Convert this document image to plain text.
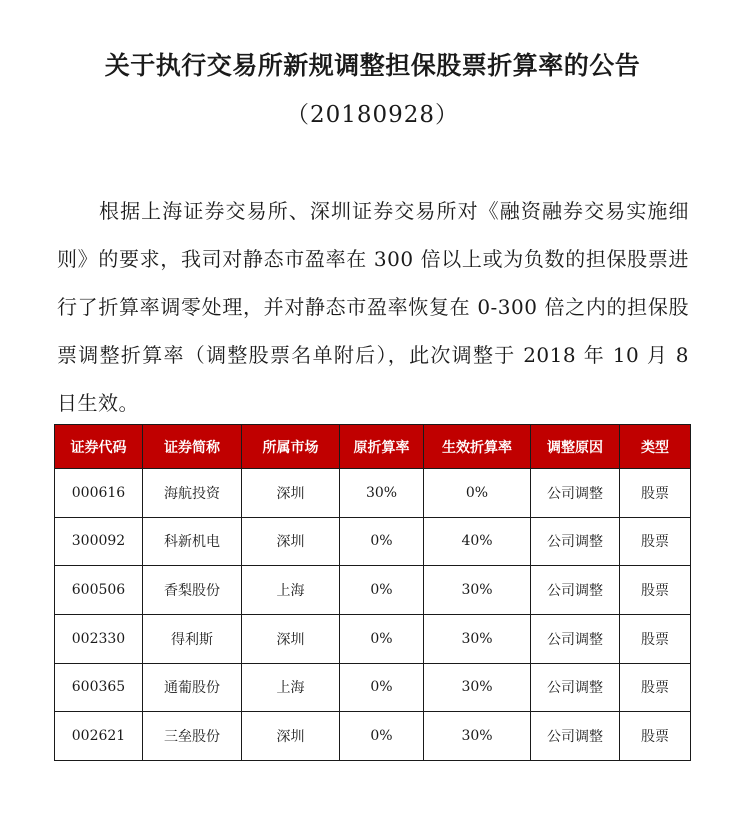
关于执行交易所新规调整担保股票折算率的公告
（20180928）
根据上海证券交易所、深圳证券交易所对《融资融券交易实施细则》的要求，我司对静态市盈率在 300 倍以上或为负数的担保股票进行了折算率调零处理，并对静态市盈率恢复在 0-300 倍之内的担保股票调整折算率（调整股票名单附后），此次调整于 2018 年 10 月 8 日生效。
证券代码	证券简称	所属市场	原折算率	生效折算率	调整原因	类型
000616	海航投资	深圳	30%	0%	公司调整	股票
300092	科新机电	深圳	0%	40%	公司调整	股票
600506	香梨股份	上海	0%	30%	公司调整	股票
002330	得利斯	深圳	0%	30%	公司调整	股票
600365	通葡股份	上海	0%	30%	公司调整	股票
002621	三垒股份	深圳	0%	30%	公司调整	股票
